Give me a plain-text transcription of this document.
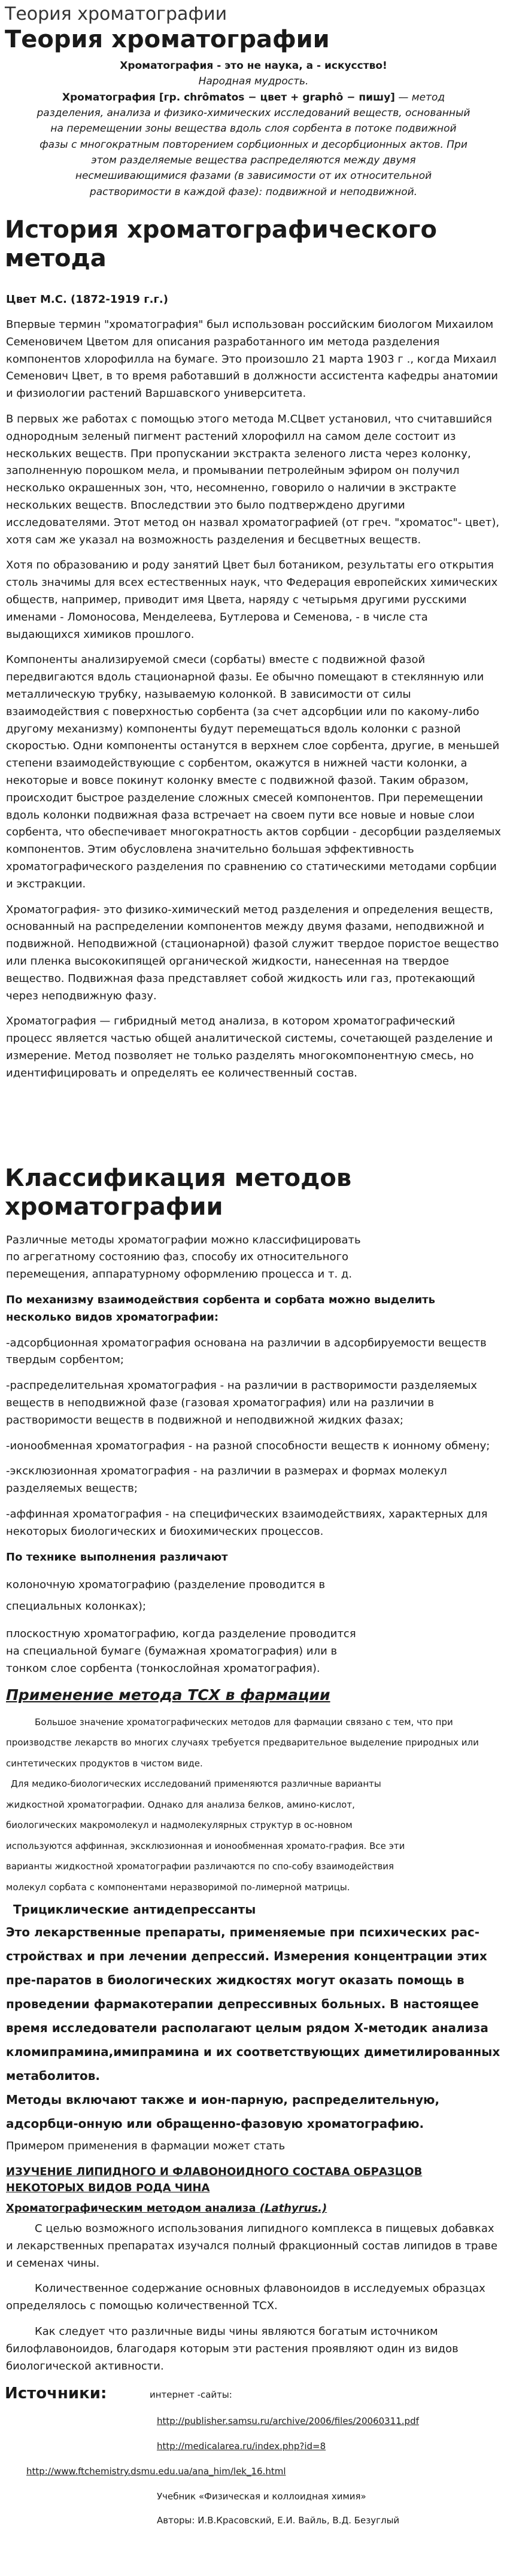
Теория хроматографии
Теория хроматографии
Хроматография - это не наука, а - искусство!
Народная мудрость.
Хроматография [гр. chrômatos − цвет + graphô − пишу] — метод разделения, анализа и физико-химических исследований веществ, основанный на перемещении зоны вещества вдоль слоя сорбента в потоке подвижной фазы с многократным повторением сорбционных и десорбционных актов. При этом разделяемые вещества распределяются между двумя несмешивающимися фазами (в зависимости от их относительной растворимости в каждой фазе): подвижной и неподвижной.
История хроматографического метода
Цвет М.С. (1872-1919 г.г.)
Впервые термин "хроматография" был использован российским биологом Михаилом Семеновичем Цветом для описания разработанного им метода разделения компонентов хлорофилла на бумаге. Это произошло 21 марта 1903 г ., когда Михаил Семенович Цвет, в то время работавший в должности ассистента кафедры анатомии и физиологии растений Варшавского университета.
В первых же работах с помощью этого метода М.СЦвет установил, что считавшийся однородным зеленый пигмент растений хлорофилл на самом деле состоит из нескольких веществ. При пропускании экстракта зеленого листа через колонку, заполненную порошком мела, и промывании петролейным эфиром он получил несколько окрашенных зон, что, несомненно, говорило о наличии в экстракте нескольких веществ. Впоследствии это было подтверждено другими исследователями. Этот метод он назвал хроматографией (от греч. "хроматос"- цвет), хотя сам же указал на возможность разделения и бесцветных веществ.
Хотя по образованию и роду занятий Цвет был ботаником, результаты его открытия столь значимы для всех естественных наук, что Федерация европейских химических обществ, например, приводит имя Цвета, наряду с четырьмя другими русскими именами - Ломоносова, Менделеева, Бутлерова и Семенова, - в числе ста выдающихся химиков прошлого.
Компоненты анализируемой смеси (сорбаты) вместе с подвижной фазой передвигаются вдоль стационарной фазы. Ее обычно помещают в стеклянную или металлическую трубку, называемую колонкой. В зависимости от силы взаимодействия с поверхностью сорбента (за счет адсорбции или по какому-либо другому механизму) компоненты будут перемещаться вдоль колонки с разной скоростью. Одни компоненты останутся в верхнем слое сорбента, другие, в меньшей степени взаимодействующие с сорбентом, окажутся в нижней части колонки, а некоторые и вовсе покинут колонку вместе с подвижной фазой. Таким образом, происходит быстрое разделение сложных смесей компонентов. При перемещении вдоль колонки подвижная фаза встречает на своем пути все новые и новые слои сорбента, что обеспечивает многократность актов сорбции - десорбции разделяемых компонентов. Этим обусловлена значительно большая эффективность хроматографического разделения по сравнению со статическими методами сорбции и экстракции.
Хроматография- это физико-химический метод разделения и определения веществ, основанный на распределении компонентов между двумя фазами, неподвижной и подвижной. Неподвижной (стационарной) фазой служит твердое пористое вещество или пленка высококипящей органической жидкости, нанесенная на твердое вещество. Подвижная фаза представляет собой жидкость или газ, протекающий через неподвижную фазу.
Хроматография — гибридный метод анализа, в котором хроматографический процесс является частью общей аналитической системы, сочетающей разделение и измерение. Метод позволяет не только разделять многокомпонентную смесь, но идентифицировать и определять ее количественный состав.
Классификация методов хроматографии
Различные методы хроматографии можно классифицировать по агрегатному состоянию фаз, способу их относительного перемещения, аппаратурному оформлению процесса и т. д.
По механизму взаимодействия сорбента и сорбата можно выделить несколько видов хроматографии:
-адсорбционная хроматография основана на различии в адсорбируемости веществ твердым сорбентом;
-распределительная хроматография - на различии в растворимости разделяемых веществ в неподвижной фазе (газовая хроматография) или на различии в растворимости веществ в подвижной и неподвижной жидких фазах;
-ионообменная хроматография - на разной способности веществ к ионному обмену;
-эксклюзионная хроматография - на различии в размерах и формах молекул разделяемых веществ;
-аффинная хроматография - на специфических взаимодействиях, характерных для некоторых биологических и биохимических процессов.
По технике выполнения различают
колоночную хроматографию (разделение проводится в специальных колонках);
плоскостную хроматографию, когда разделение проводится на специальной бумаге (бумажная хроматография) или в тонком слое сорбента (тонкослойная хроматография).
Применение метода ТСХ в фармации
Большое значение хроматографических методов для фармации связано с тем, что при производстве лекарств во многих случаях требуется предварительное выделение природных или синтетических продуктов в чистом виде.
Для медико-биологических исследований применяются различные варианты жидкостной хроматографии. Однако для анализа белков, амино-кислот, биологических макромолекул и надмолекулярных структур в ос-новном используются аффинная, эксклюзионная и ионообменная хромато-графия. Все эти варианты жидкостной хроматографии различаются по спо-собу взаимодействия молекул сорбата с компонентами неразворимой по-лимерной матрицы.
Трициклические антидепрессанты
Это лекарственные препараты, применяемые при психических рас-стройствах и при лечении депрессий. Измерения концентрации этих пре-паратов в биологических жидкостях могут оказать помощь в проведении фармакотерапии депрессивных больных. В настоящее время исследователи располагают целым рядом Х-методик анализа кломипрамина,имипрамина и их соответствующих диметилированных метаболитов.
Методы включают также и ион-парную, распределительную, адсорбци-онную или обращенно-фазовую хроматографию.
Примером применения в фармации может стать
ИЗУЧЕНИЕ ЛИПИДНОГО И ФЛАВОНОИДНОГО СОСТАВА ОБРАЗЦОВ НЕКОТОРЫХ ВИДОВ РОДА ЧИНА
Хроматографическим методом анализа (Lathyrus.)
С целью возможного использования липидного комплекса в пищевых добавках и лекарственных препаратах изучался полный фракционный состав липидов в траве и семенах чины.
Количественное содержание основных флавоноидов в исследуемых образцах определялось с помощью количественной ТСХ.
Как следует что различные виды чины являются богатым источником билофлавоноидов, благодаря которым эти растения проявляют один из видов биологической активности.
Источники:	интернет -сайты:
http://publisher.samsu.ru/archive/2006/files/20060311.pdf
http://medicalarea.ru/index.php?id=8
http://www.ftchemistry.dsmu.edu.ua/ana_him/lek_16.html
Учебник «Физическая и коллоидная химия»
Авторы: И.В.Красовский, Е.И. Вайль, В.Д. Безуглый
